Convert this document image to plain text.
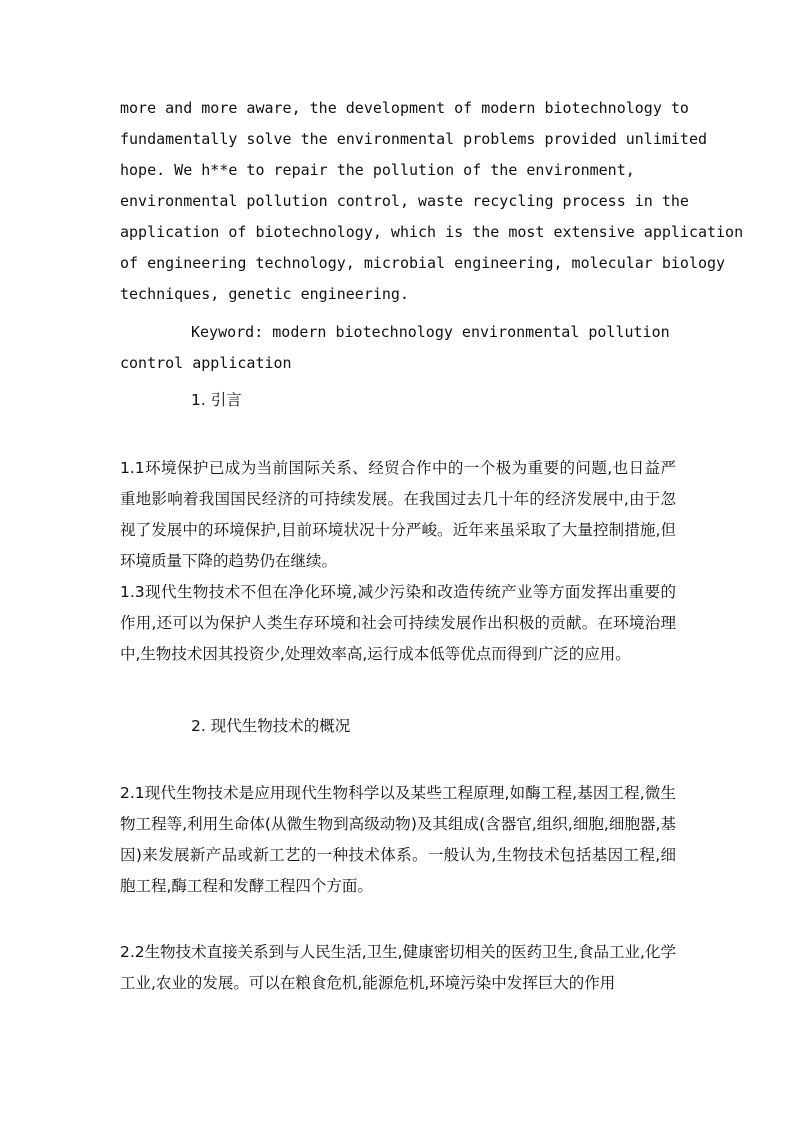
more and more aware, the development of modern biotechnology to
fundamentally solve the environmental problems provided unlimited
hope. We h**e to repair the pollution of the environment,
environmental pollution control, waste recycling process in the
application of biotechnology, which is the most extensive application
of engineering technology, microbial engineering, molecular biology
techniques, genetic engineering.
Keyword: modern biotechnology environmental pollution
control application
1. 引言
1.1环境保护已成为当前国际关系、经贸合作中的一个极为重要的问题,也日益严重地影响着我国国民经济的可持续发展。在我国过去几十年的经济发展中,由于忽视了发展中的环境保护,目前环境状况十分严峻。近年来虽采取了大量控制措施,但环境质量下降的趋势仍在继续。
1.3现代生物技术不但在净化环境,减少污染和改造传统产业等方面发挥出重要的作用,还可以为保护人类生存环境和社会可持续发展作出积极的贡献。在环境治理中,生物技术因其投资少,处理效率高,运行成本低等优点而得到广泛的应用。
2. 现代生物技术的概况
2.1现代生物技术是应用现代生物科学以及某些工程原理,如酶工程,基因工程,微生物工程等,利用生命体(从微生物到高级动物)及其组成(含器官,组织,细胞,细胞器,基因)来发展新产品或新工艺的一种技术体系。一般认为,生物技术包括基因工程,细胞工程,酶工程和发酵工程四个方面。
2.2生物技术直接关系到与人民生活,卫生,健康密切相关的医药卫生,食品工业,化学工业,农业的发展。可以在粮食危机,能源危机,环境污染中发挥巨大的作用
